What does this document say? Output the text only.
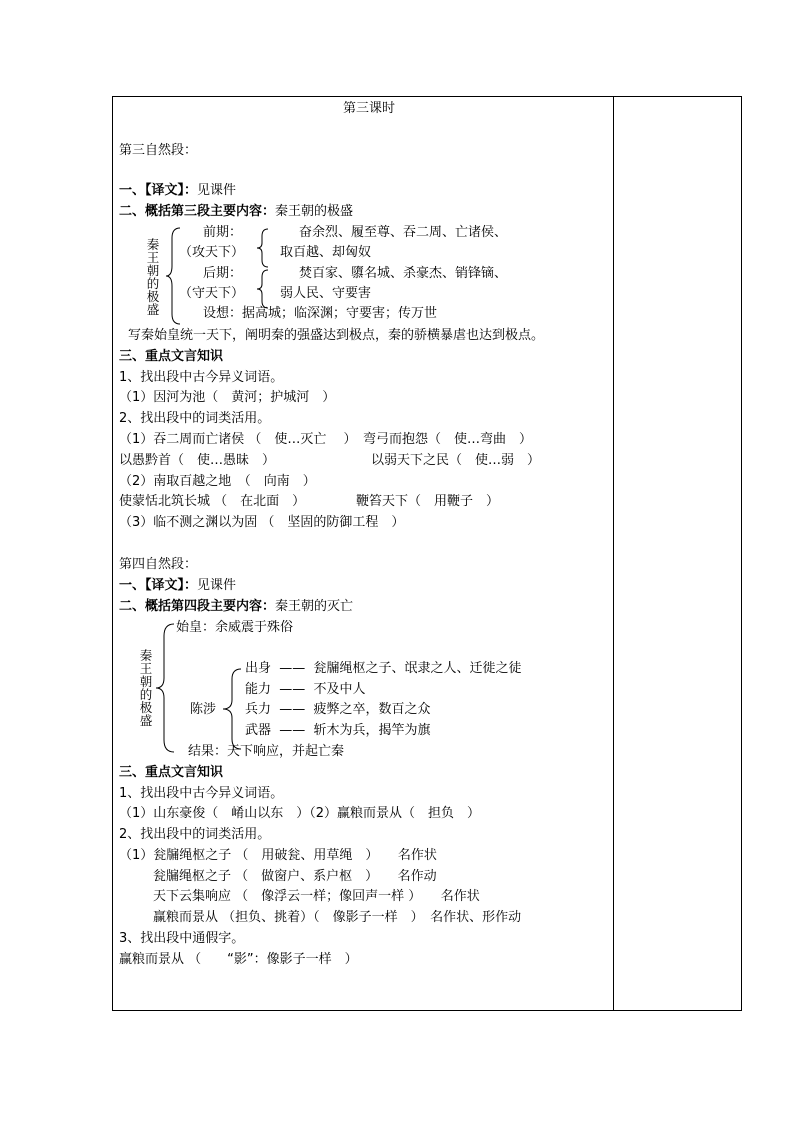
第三课时
第三自然段：
一、【译文】：见课件
二、概括第三段主要内容：秦王朝的极盛
秦
王
朝
的
极
盛
前期：
（攻天下）
奋余烈、履至尊、吞二周、亡诸侯、
取百越、却匈奴
后期：
（守天下）
焚百家、隳名城、杀豪杰、销锋镝、
弱人民、守要害
设想：据高城；临深渊；守要害；传万世
写秦始皇统一天下，阐明秦的强盛达到极点，秦的骄横暴虐也达到极点。
三、重点文言知识
1、找出段中古今异义词语。
（1）因河为池（　黄河；护城河　）
2、找出段中的词类活用。
（1）吞二周而亡诸侯 （　使…灭亡　 ）　弯弓而抱怨（　使…弯曲　）
以愚黔首（　使…愚昧　）	以弱天下之民（　使…弱　）
（2）南取百越之地　（　向南　）
使蒙恬北筑长城 （　在北面　）	鞭笞天下（　用鞭子　）
（3）临不测之渊以为固 （　坚固的防御工程　）
第四自然段：
一、【译文】：见课件
二、概括第四段主要内容：秦王朝的灭亡
秦
王
朝
的
极
盛
始皇：余威震于殊俗
陈涉
出身 —— 瓮牖绳枢之子、氓隶之人、迁徙之徒
能力 —— 不及中人
兵力 —— 疲弊之卒，数百之众
武器 —— 斩木为兵，揭竿为旗
结果：天下响应，并起亡秦
三、重点文言知识
1、找出段中古今异义词语。
（1）山东豪俊（　崤山以东　）（2）赢粮而景从（　担负　）
2、找出段中的词类活用。
（1）瓮牖绳枢之子 （　用破瓮、用草绳　）　　名作状
瓮牖绳枢之子 （　做窗户、系户枢　）　　名作动
天下云集响应 （　像浮云一样；像回声一样 ）　　名作状
赢粮而景从 （担负、挑着）（　像影子一样　）　名作状、形作动
3、找出段中通假字。
赢粮而景从 （　　“影”：像影子一样　）
